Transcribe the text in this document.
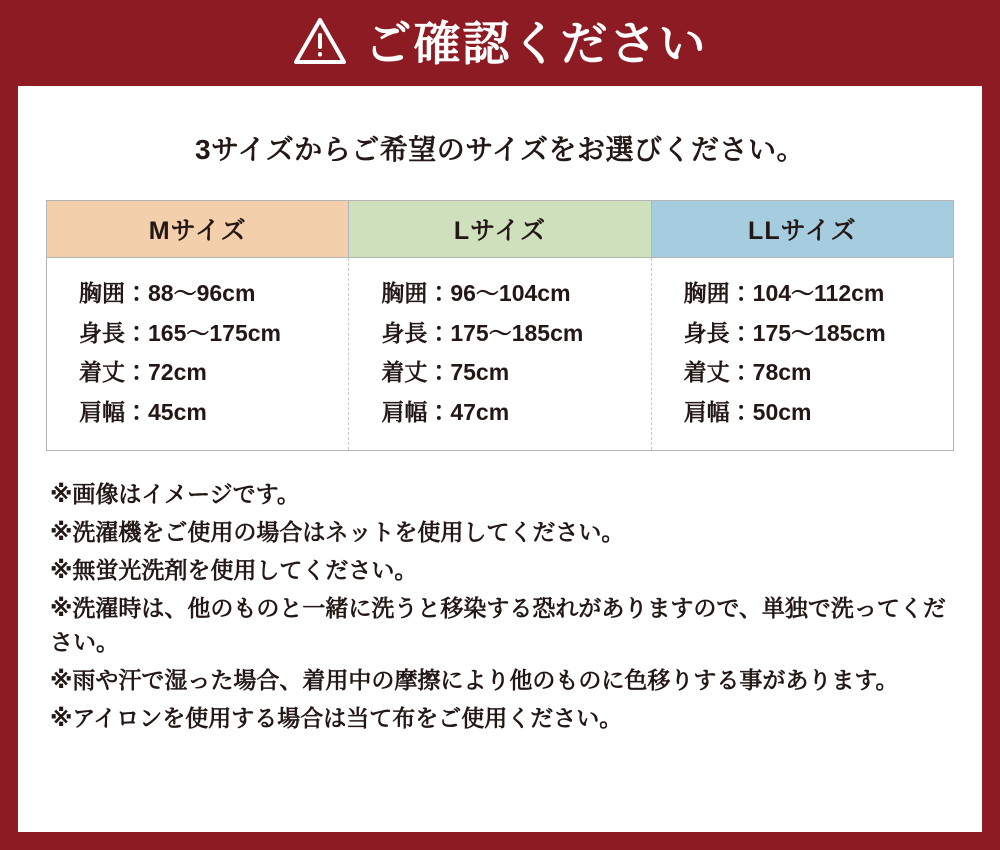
ご確認ください
3サイズからご希望のサイズをお選びください。
Mサイズ	Lサイズ	LLサイズ

胸囲：88〜96cm
身長：165〜175cm
着丈：72cm
肩幅：45cm

胸囲：96〜104cm
身長：175〜185cm
着丈：75cm
肩幅：47cm

胸囲：104〜112cm
身長：175〜185cm
着丈：78cm
肩幅：50cm
※画像はイメージです。
※洗濯機をご使用の場合はネットを使用してください。
※無蛍光洗剤を使用してください。
※洗濯時は、他のものと一緒に洗うと移染する恐れがありますので、単独で洗ってください。
※雨や汗で湿った場合、着用中の摩擦により他のものに色移りする事があります。
※アイロンを使用する場合は当て布をご使用ください。
